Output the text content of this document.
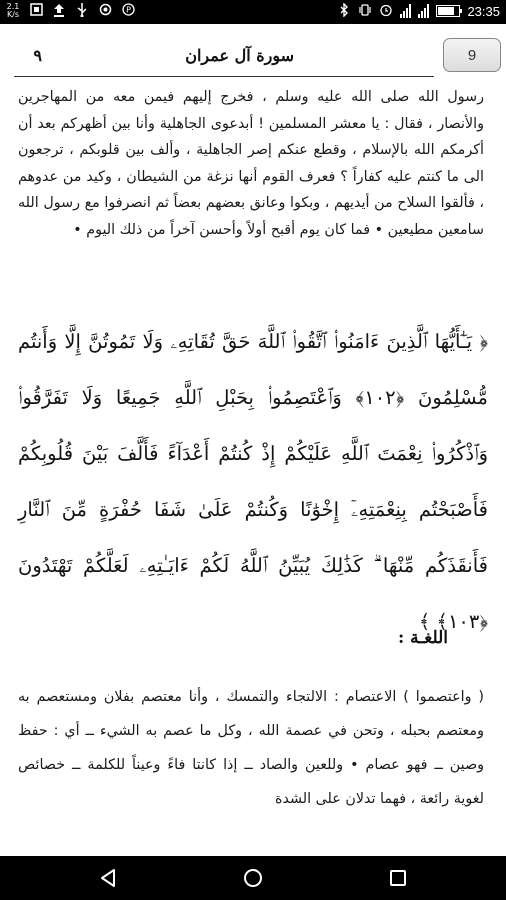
2.1
K/s	P	23:35
9
سورة آل عمران
٩
رسول الله صلى الله عليه وسلم ، فخرج إليهم فيمن معه من المهاجرين والأنصار ، فقال : يا معشر المسلمين ! أبدعوى الجاهلية وأنا بين أظهركم بعد أن أكرمكم الله بالإسلام ، وقطع عنكم إصر الجاهلية ، وألف بين قلوبكم ، ترجعون الى ما كنتم عليه كفاراً ؟ فعرف القوم أنها نزغة من الشيطان ، وكيد من عدوهم ، فألقوا السلاح من أيديهم ، وبكوا وعانق بعضهم بعضاً ثم انصرفوا مع رسول الله سامعين مطيعين • فما كان يوم أقبح أولاً وأحسن آخراً من ذلك اليوم •
﴿ يَـٰٓأَيُّهَا ٱلَّذِينَ ءَامَنُوا۟ ٱتَّقُوا۟ ٱللَّهَ حَقَّ تُقَاتِهِۦ وَلَا تَمُوتُنَّ إِلَّا وَأَنتُم مُّسْلِمُونَ ﴿١٠٢﴾ وَٱعْتَصِمُوا۟ بِحَبْلِ ٱللَّهِ جَمِيعًا وَلَا تَفَرَّقُوا۟ وَٱذْكُرُوا۟ نِعْمَتَ ٱللَّهِ عَلَيْكُمْ إِذْ كُنتُمْ أَعْدَآءً فَأَلَّفَ بَيْنَ قُلُوبِكُمْ فَأَصْبَحْتُم بِنِعْمَتِهِۦٓ إِخْوَٰنًا وَكُنتُمْ عَلَىٰ شَفَا حُفْرَةٍ مِّنَ ٱلنَّارِ فَأَنقَذَكُم مِّنْهَا ۗ كَذَٰلِكَ يُبَيِّنُ ٱللَّهُ لَكُمْ ءَايَـٰتِهِۦ لَعَلَّكُمْ تَهْتَدُونَ ﴿١٠٣﴾ ﴾
اللغـة :
( واعتصموا ) الاعتصام : الالتجاء والتمسك ، وأنا معتصم بفلان ومستعصم به ومعتصم بحبله ، وتحن في عصمة الله ، وكل ما عصم به الشيء ــ أي : حفظ وصين ــ فهو عصام • وللعين والصاد ــ إذا كانتا فاءً وعيناً للكلمة ــ خصائص لغوية رائعة ، فهما تدلان على الشدة
